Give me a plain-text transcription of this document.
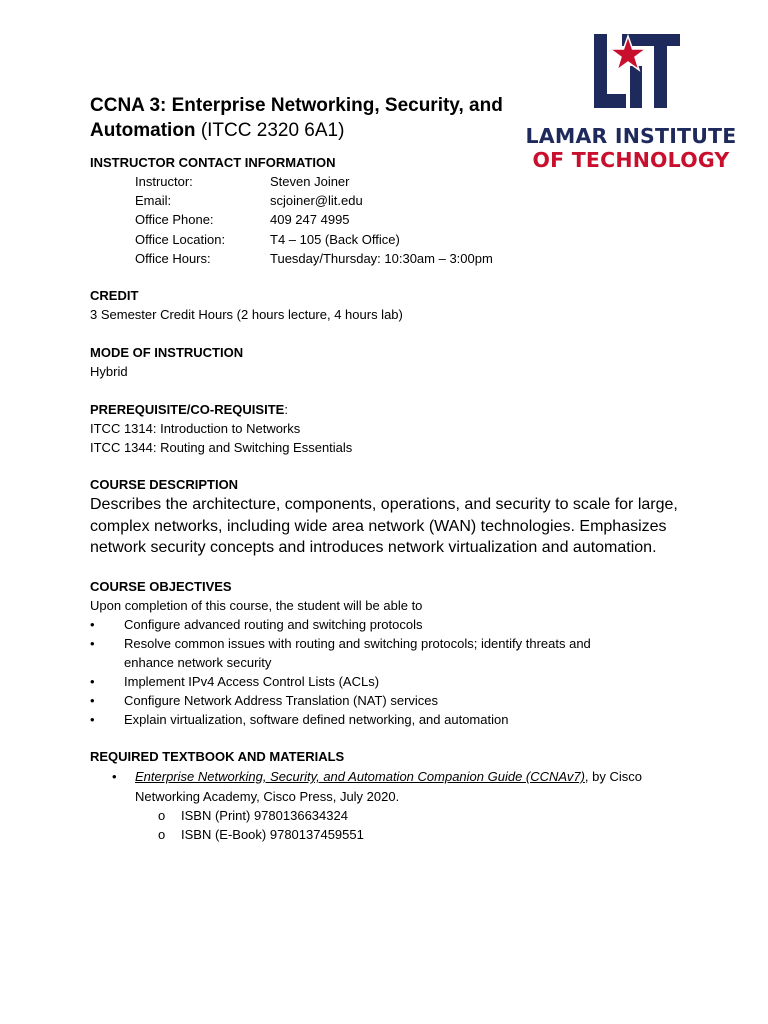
LAMAR INSTITUTE
OF TECHNOLOGY
CCNA 3: Enterprise Networking, Security, and
Automation (ITCC 2320 6A1)
INSTRUCTOR CONTACT INFORMATION
Instructor:	Steven Joiner
Email:	scjoiner@lit.edu
Office Phone:	409 247 4995
Office Location:	T4 – 105 (Back Office)
Office Hours:	Tuesday/Thursday: 10:30am – 3:00pm
CREDIT
3 Semester Credit Hours (2 hours lecture, 4 hours lab)
MODE OF INSTRUCTION
Hybrid
PREREQUISITE/CO-REQUISITE:
ITCC 1314: Introduction to Networks
ITCC 1344: Routing and Switching Essentials
COURSE DESCRIPTION
Describes the architecture, components, operations, and security to scale for large, complex networks, including wide area network (WAN) technologies. Emphasizes network security concepts and introduces network virtualization and automation.
COURSE OBJECTIVES
Upon completion of this course, the student will be able to
• Configure advanced routing and switching protocols
• Resolve common issues with routing and switching protocols; identify threats and enhance network security
• Implement IPv4 Access Control Lists (ACLs)
• Configure Network Address Translation (NAT) services
• Explain virtualization, software defined networking, and automation
REQUIRED TEXTBOOK AND MATERIALS
• Enterprise Networking, Security, and Automation Companion Guide (CCNAv7), by Cisco Networking Academy, Cisco Press, July 2020.
o ISBN (Print) 9780136634324
o ISBN (E-Book) 9780137459551
